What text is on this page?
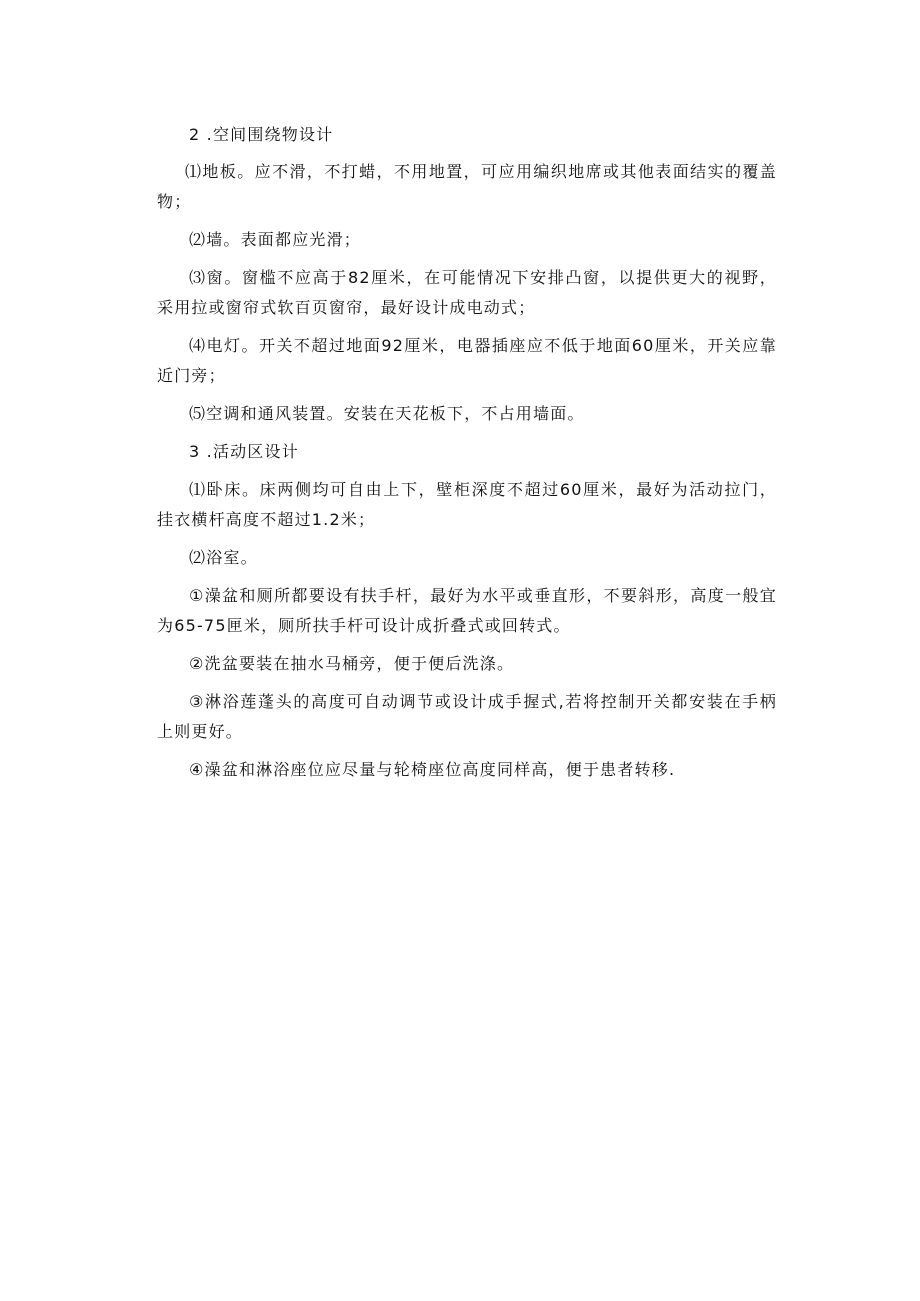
2 .空间围绕物设计

⑴地板。应不滑，不打蜡，不用地置，可应用编织地席或其他表面结实的覆盖物；

⑵墙。表面都应光滑；

⑶窗。窗槛不应高于82厘米，在可能情况下安排凸窗，以提供更大的视野，采用拉或窗帘式软百页窗帘，最好设计成电动式；

⑷电灯。开关不超过地面92厘米，电器插座应不低于地面60厘米，开关应靠近门旁；

⑸空调和通风装置。安装在天花板下，不占用墙面。

3 .活动区设计

⑴卧床。床两侧均可自由上下，壁柜深度不超过60厘米，最好为活动拉门，挂衣横杆高度不超过1.2米；

⑵浴室。

①澡盆和厕所都要设有扶手杆，最好为水平或垂直形，不要斜形，高度一般宜为65-75匣米，厕所扶手杆可设计成折叠式或回转式。

②洗盆要装在抽水马桶旁，便于便后洗涤。

③淋浴莲蓬头的高度可自动调节或设计成手握式,若将控制开关都安装在手柄上则更好。

④澡盆和淋浴座位应尽量与轮椅座位高度同样高，便于患者转移.
